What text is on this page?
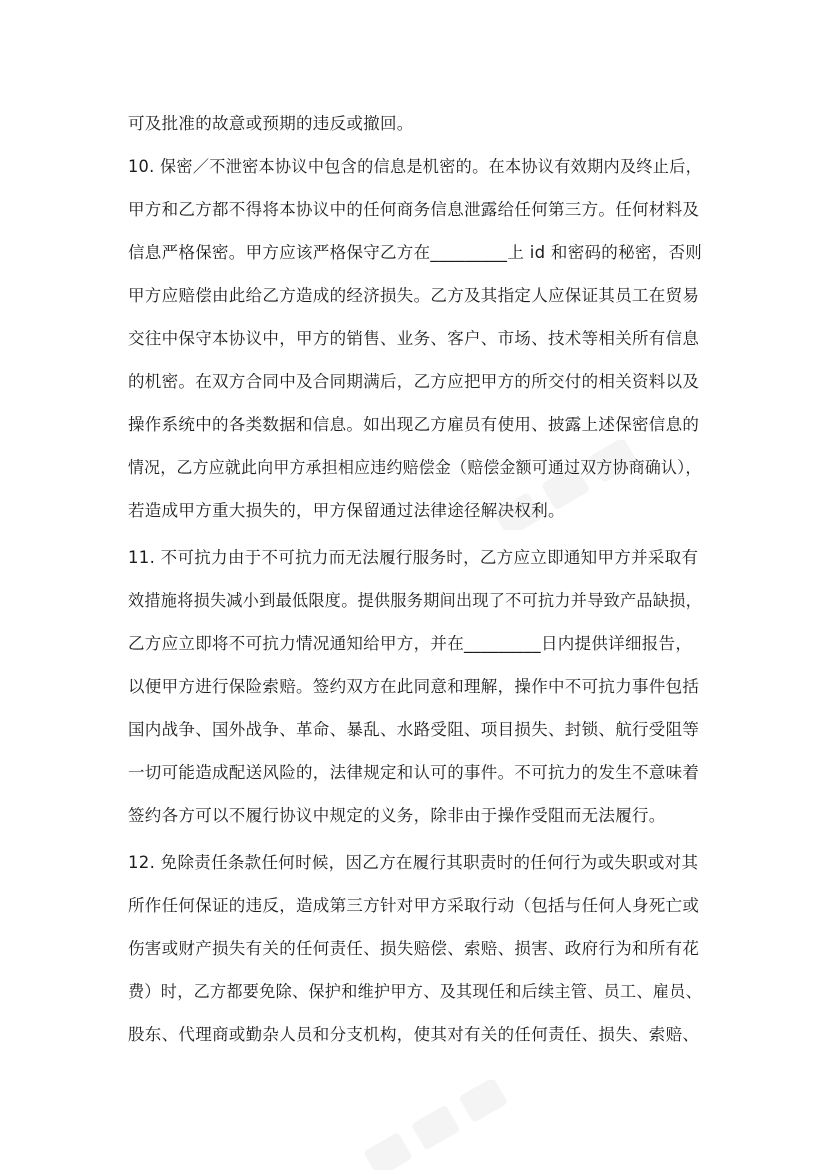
可及批准的故意或预期的违反或撤回。
10. 保密／不泄密本协议中包含的信息是机密的。在本协议有效期内及终止后，
甲方和乙方都不得将本协议中的任何商务信息泄露给任何第三方。任何材料及
信息严格保密。甲方应该严格保守乙方在_________上 id 和密码的秘密，否则
甲方应赔偿由此给乙方造成的经济损失。乙方及其指定人应保证其员工在贸易
交往中保守本协议中，甲方的销售、业务、客户、市场、技术等相关所有信息
的机密。在双方合同中及合同期满后，乙方应把甲方的所交付的相关资料以及
操作系统中的各类数据和信息。如出现乙方雇员有使用、披露上述保密信息的
情况，乙方应就此向甲方承担相应违约赔偿金（赔偿金额可通过双方协商确认），
若造成甲方重大损失的，甲方保留通过法律途径解决权利。
11. 不可抗力由于不可抗力而无法履行服务时，乙方应立即通知甲方并采取有
效措施将损失减小到最低限度。提供服务期间出现了不可抗力并导致产品缺损，
乙方应立即将不可抗力情况通知给甲方，并在_________日内提供详细报告，
以便甲方进行保险索赔。签约双方在此同意和理解，操作中不可抗力事件包括
国内战争、国外战争、革命、暴乱、水路受阻、项目损失、封锁、航行受阻等
一切可能造成配送风险的，法律规定和认可的事件。不可抗力的发生不意味着
签约各方可以不履行协议中规定的义务，除非由于操作受阻而无法履行。
12. 免除责任条款任何时候，因乙方在履行其职责时的任何行为或失职或对其
所作任何保证的违反，造成第三方针对甲方采取行动（包括与任何人身死亡或
伤害或财产损失有关的任何责任、损失赔偿、索赔、损害、政府行为和所有花
费）时，乙方都要免除、保护和维护甲方、及其现任和后续主管、员工、雇员、
股东、代理商或勤杂人员和分支机构，使其对有关的任何责任、损失、索赔、
